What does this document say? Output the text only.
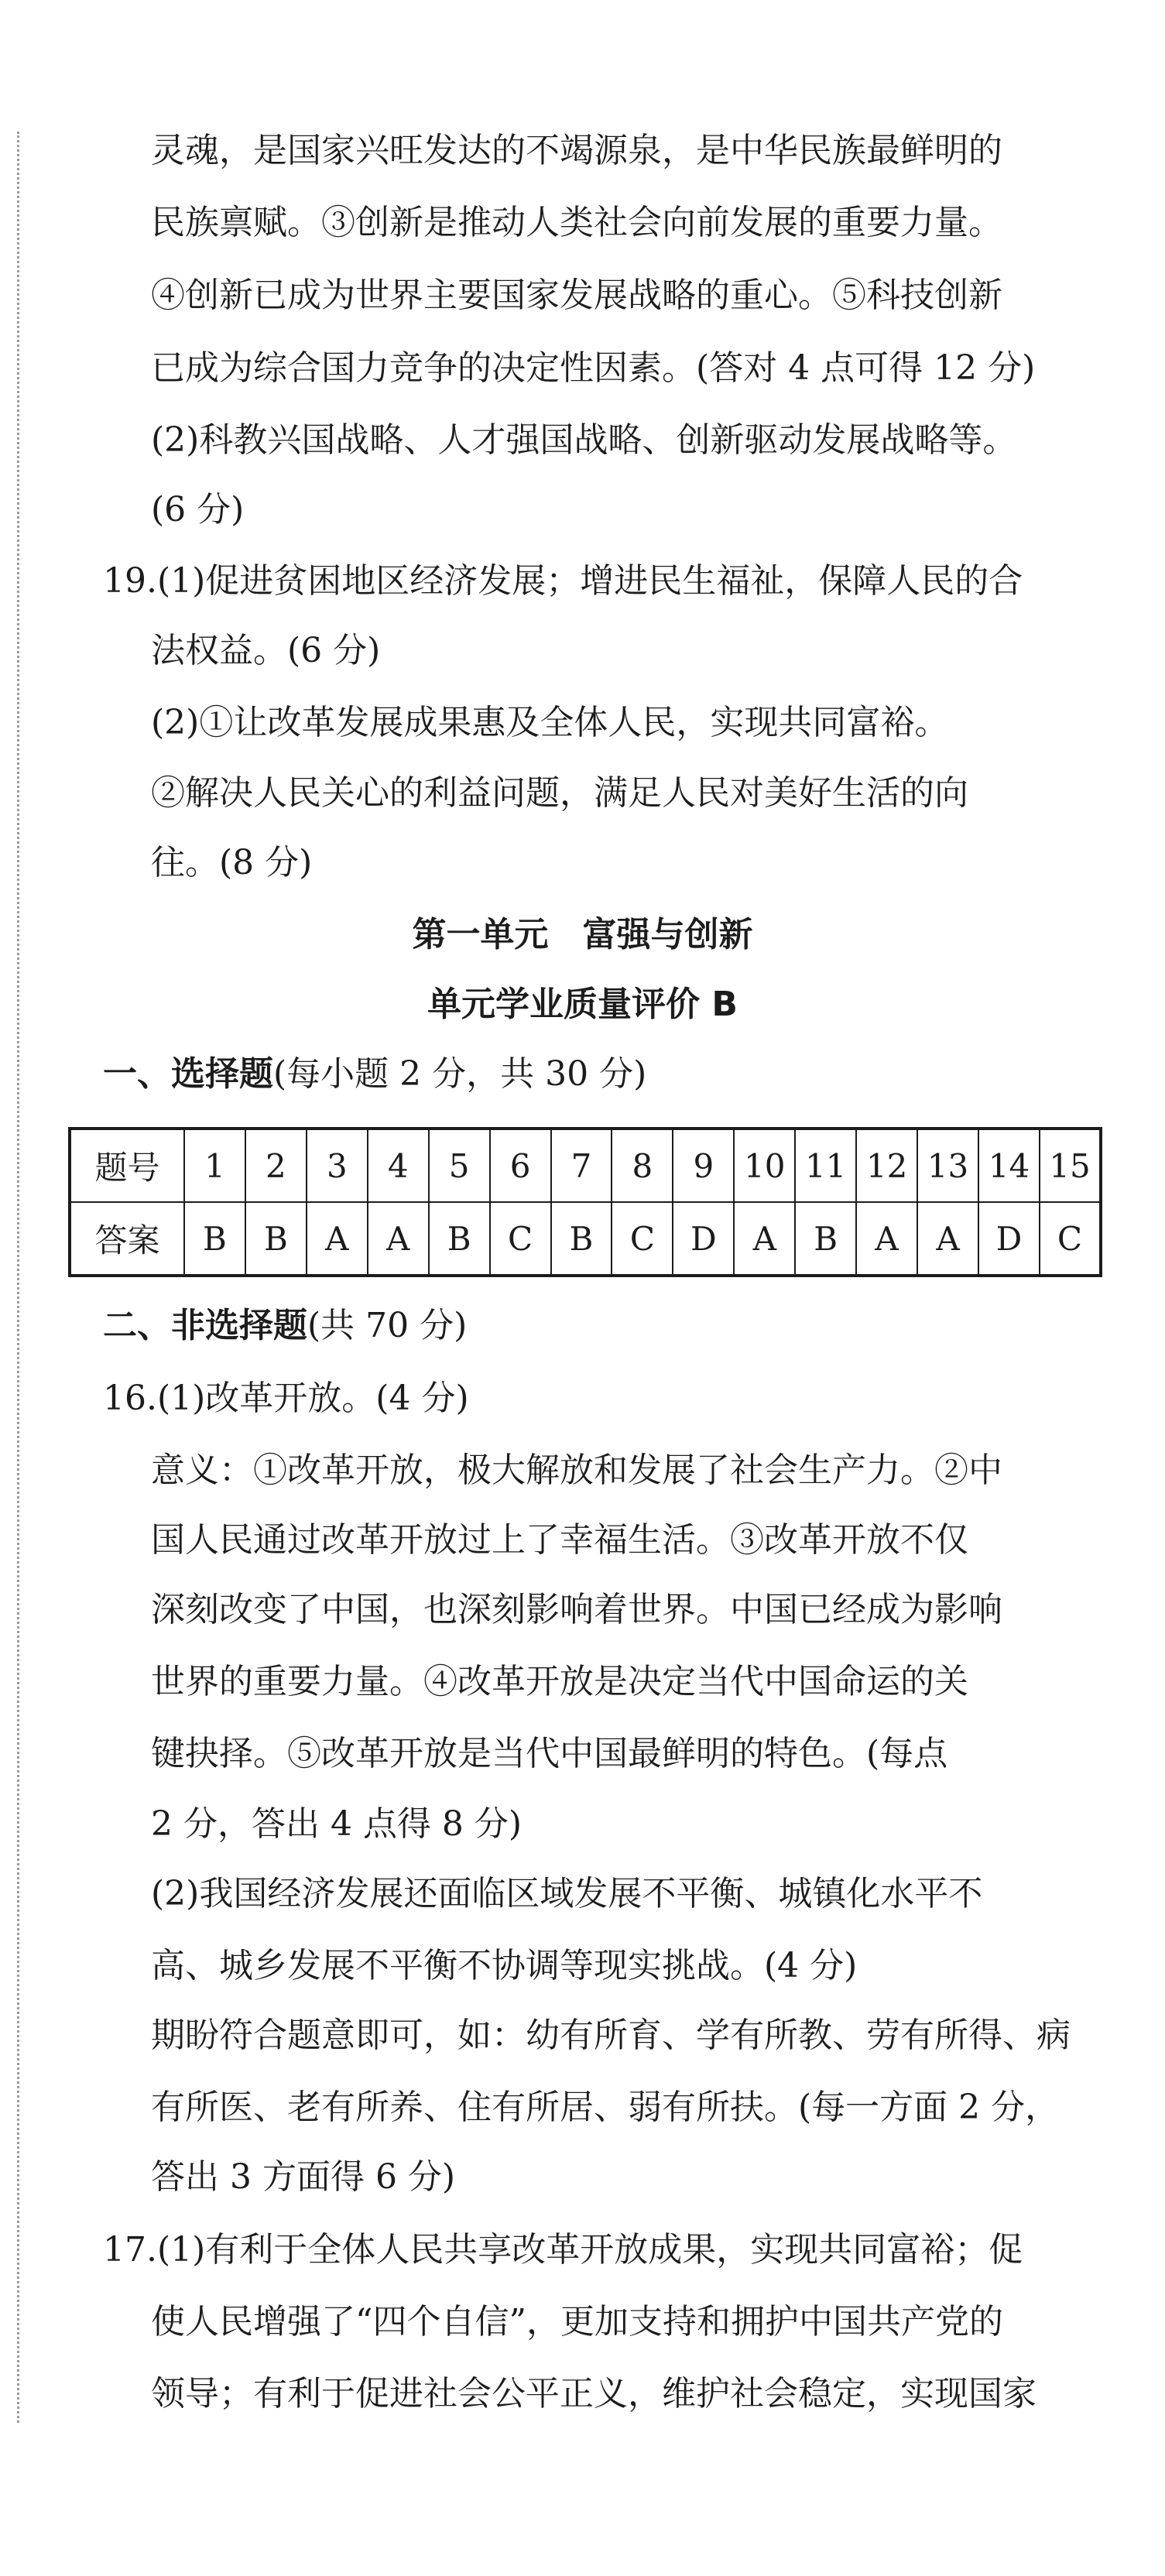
灵魂，是国家兴旺发达的不竭源泉，是中华民族最鲜明的
民族禀赋。③创新是推动人类社会向前发展的重要力量。
④创新已成为世界主要国家发展战略的重心。⑤科技创新
已成为综合国力竞争的决定性因素。(答对 4 点可得 12 分)
(2)科教兴国战略、人才强国战略、创新驱动发展战略等。
(6 分)
19.(1)促进贫困地区经济发展；增进民生福祉，保障人民的合
法权益。(6 分)
(2)①让改革发展成果惠及全体人民，实现共同富裕。
②解决人民关心的利益问题，满足人民对美好生活的向
往。(8 分)
第一单元　富强与创新
单元学业质量评价 B
一、选择题(每小题 2 分，共 30 分)
题号	1	2	3	4	5	6	7	8	9	10	11	12	13	14	15
答案	B	B	A	A	B	C	B	C	D	A	B	A	A	D	C
二、非选择题(共 70 分)
16.(1)改革开放。(4 分)
意义：①改革开放，极大解放和发展了社会生产力。②中
国人民通过改革开放过上了幸福生活。③改革开放不仅
深刻改变了中国，也深刻影响着世界。中国已经成为影响
世界的重要力量。④改革开放是决定当代中国命运的关
键抉择。⑤改革开放是当代中国最鲜明的特色。(每点
2 分，答出 4 点得 8 分)
(2)我国经济发展还面临区域发展不平衡、城镇化水平不
高、城乡发展不平衡不协调等现实挑战。(4 分)
期盼符合题意即可，如：幼有所育、学有所教、劳有所得、病
有所医、老有所养、住有所居、弱有所扶。(每一方面 2 分，
答出 3 方面得 6 分)
17.(1)有利于全体人民共享改革开放成果，实现共同富裕；促
使人民增强了“四个自信”，更加支持和拥护中国共产党的
领导；有利于促进社会公平正义，维护社会稳定，实现国家
